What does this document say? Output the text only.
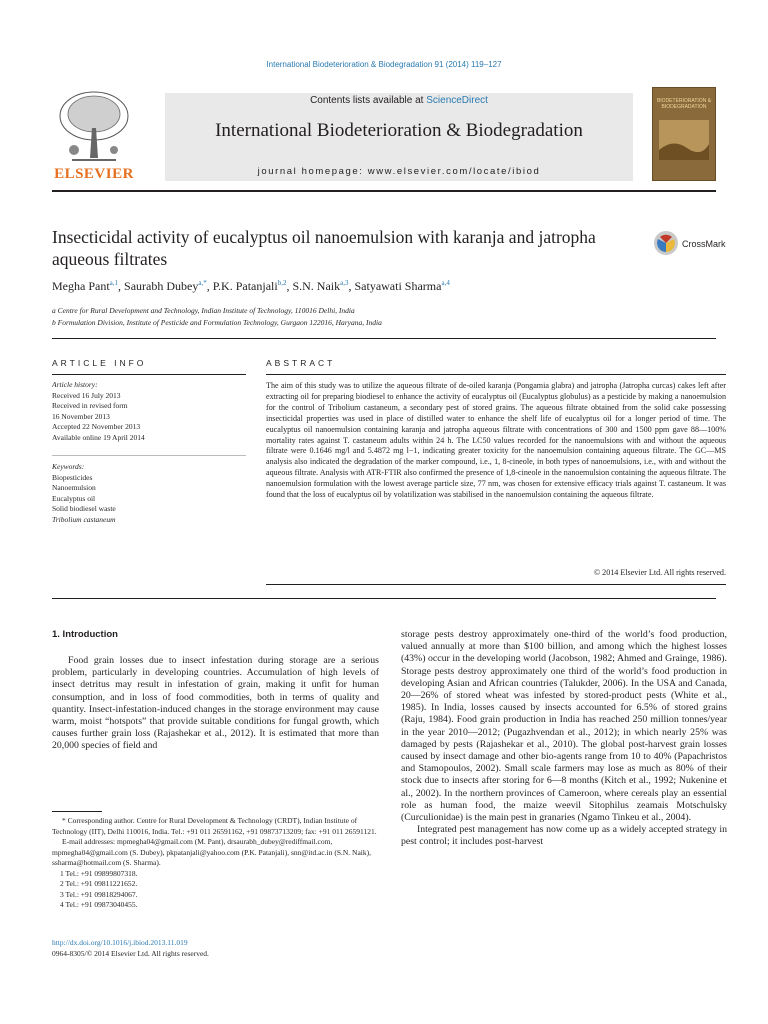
International Biodeterioration & Biodegradation 91 (2014) 119–127
ELSEVIER
Contents lists available at ScienceDirect
International Biodeterioration & Biodegradation
journal homepage: www.elsevier.com/locate/ibiod
BIODETERIORATION & BIODEGRADATION
Insecticidal activity of eucalyptus oil nanoemulsion with karanja and jatropha aqueous filtrates
CrossMark
Megha Pant$^{a,1}$, Saurabh Dubey$^{a,*}$, P.K. Patanjali$^{b,2}$, S.N. Naik$^{a,3}$, Satyawati Sharma$^{a,4}$
a Centre for Rural Development and Technology, Indian Institute of Technology, 110016 Delhi, India
b Formulation Division, Institute of Pesticide and Formulation Technology, Gurgaon 122016, Haryana, India
ARTICLE INFO	ABSTRACT
Article history:
Received 16 July 2013
Received in revised form
16 November 2013
Accepted 22 November 2013
Available online 19 April 2014
Keywords:
Biopesticides
Nanoemulsion
Eucalyptus oil
Solid biodiesel waste
Tribolium castaneum
The aim of this study was to utilize the aqueous filtrate of de-oiled karanja (Pongamia glabra) and jatropha (Jatropha curcas) cakes left after extracting oil for preparing biodiesel to enhance the activity of eucalyptus oil (Eucalyptus globulus) as a pesticide by making a nanoemulsion for the control of Tribolium castaneum, a secondary pest of stored grains. The aqueous filtrate obtained from the solid cake possessing insecticidal properties was used in place of distilled water to enhance the shelf life of eucalyptus oil for a longer period of time. The eucalyptus oil nanoemulsion containing karanja and jatropha aqueous filtrate with concentrations of 300 and 1500 ppm gave 88—100% mortality rates against T. castaneum adults within 24 h. The LC50 values recorded for the nanoemulsions with and without the aqueous filtrate were 0.1646 mg/l and 5.4872 mg l−1, indicating greater toxicity for the nanoemulsion containing aqueous filtrate. The GC—MS analysis also indicated the degradation of the marker compound, i.e., 1, 8-cineole, in both types of nanoemulsions, i.e., with and without the aqueous filtrate. Analysis with ATR-FTIR also confirmed the presence of 1,8-cineole in the nanoemulsion containing the aqueous filtrate. The nanoemulsion formulation with the lowest average particle size, 77 nm, was chosen for extensive efficacy trials against T. castaneum. It was found that the loss of eucalyptus oil by volatilization was stabilised in the nanoemulsion containing the aqueous filtrate.
© 2014 Elsevier Ltd. All rights reserved.
1. Introduction
Food grain losses due to insect infestation during storage are a serious problem, particularly in developing countries. Accumulation of high levels of insect detritus may result in infestation of grain, making it unfit for human consumption, and in loss of food commodities, both in terms of quality and quantity. Insect-infestation-induced changes in the storage environment may cause warm, moist “hotspots” that provide suitable conditions for fungal growth, which causes further grain loss (Rajashekar et al., 2012). It is estimated that more than 20,000 species of field and
storage pests destroy approximately one-third of the world’s food production, valued annually at more than $100 billion, and among which the highest losses (43%) occur in the developing world (Jacobson, 1982; Ahmed and Grainge, 1986). Storage pests destroy approximately one third of the world’s food production in developing Asian and African countries (Talukder, 2006). In the USA and Canada, 20—26% of stored wheat was infested by stored-product pests (White et al., 1985). In India, losses caused by insects accounted for 6.5% of stored grains (Raju, 1984). Food grain production in India has reached 250 million tonnes/year in the year 2010—2012; (Pugazhvendan et al., 2012); in which nearly 25% was damaged by pests (Rajashekar et al., 2010). The global post-harvest grain losses caused by insect damage and other bio-agents range from 10 to 40% (Papachristos and Stamopoulos, 2002). Small scale farmers may lose as much as 80% of their stock due to insects after storing for 6—8 months (Kitch et al., 1992; Nukenine et al., 2002). In the northern provinces of Cameroon, where cereals play an essential role as human food, the maize weevil Sitophilus zeamais Motschulsky (Curculionidae) is the main pest in granaries (Ngamo Tinkeu et al., 2004).
Integrated pest management has now come up as a widely accepted strategy in pest control; it includes post-harvest
* Corresponding author. Centre for Rural Development & Technology (CRDT), Indian Institute of Technology (IIT), Delhi 110016, India. Tel.: +91 011 26591162, +91 09873713209; fax: +91 011 26591121.
E-mail addresses: mpmegha04@gmail.com (M. Pant), drsaurabh_dubey@rediffmail.com, mpmegha04@gmail.com (S. Dubey), pkpatanjali@yahoo.com (P.K. Patanjali), snn@itd.ac.in (S.N. Naik), ssharma@hotmail.com (S. Sharma).
1 Tel.: +91 09899807318.
2 Tel.: +91 09811221652.
3 Tel.: +91 09818294067.
4 Tel.: +91 09873040455.
http://dx.doi.org/10.1016/j.ibiod.2013.11.019
0964-8305/© 2014 Elsevier Ltd. All rights reserved.
